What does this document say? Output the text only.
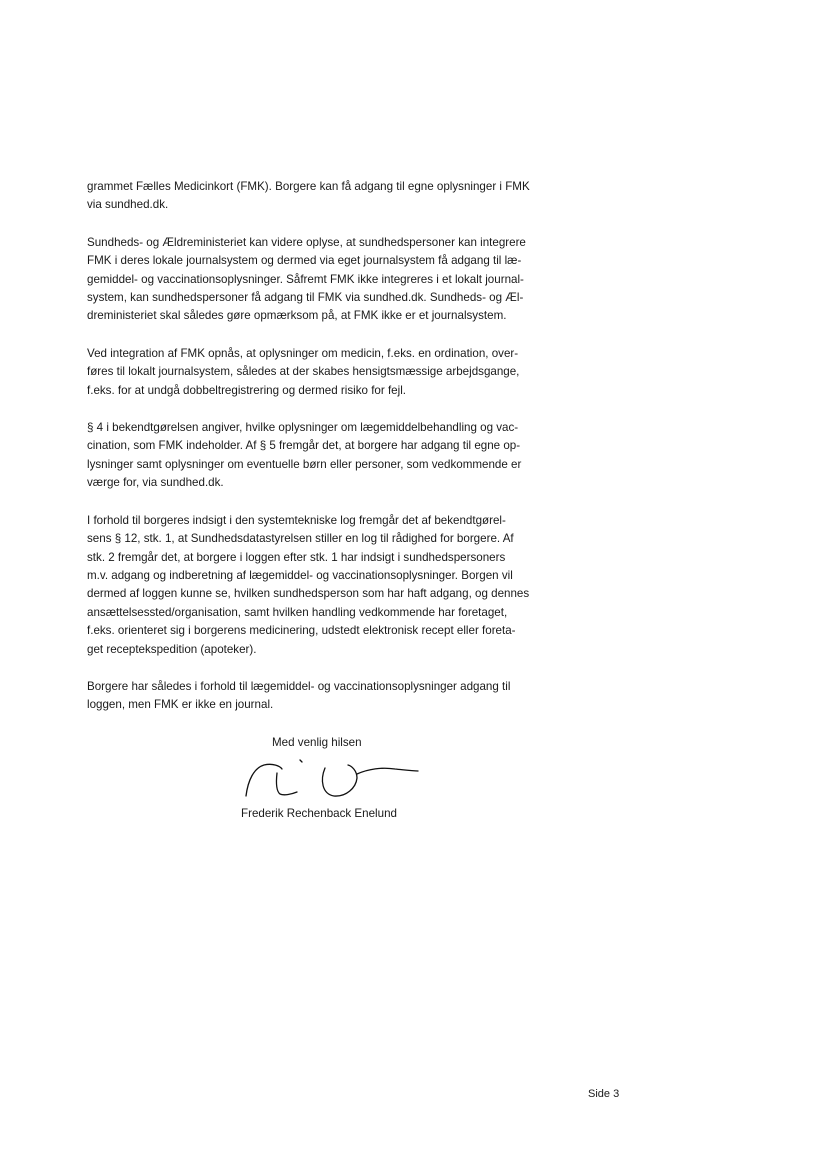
grammet Fælles Medicinkort (FMK). Borgere kan få adgang til egne oplysninger i FMK
via sundhed.dk.
Sundheds- og Ældreministeriet kan videre oplyse, at sundhedspersoner kan integrere
FMK i deres lokale journalsystem og dermed via eget journalsystem få adgang til læ-
gemiddel- og vaccinationsoplysninger. Såfremt FMK ikke integreres i et lokalt journal-
system, kan sundhedspersoner få adgang til FMK via sundhed.dk. Sundheds- og Æl-
dreministeriet skal således gøre opmærksom på, at FMK ikke er et journalsystem.
Ved integration af FMK opnås, at oplysninger om medicin, f.eks. en ordination, over-
føres til lokalt journalsystem, således at der skabes hensigtsmæssige arbejdsgange,
f.eks. for at undgå dobbeltregistrering og dermed risiko for fejl.
§ 4 i bekendtgørelsen angiver, hvilke oplysninger om lægemiddelbehandling og vac-
cination, som FMK indeholder. Af § 5 fremgår det, at borgere har adgang til egne op-
lysninger samt oplysninger om eventuelle børn eller personer, som vedkommende er
værge for, via sundhed.dk.
I forhold til borgeres indsigt i den systemtekniske log fremgår det af bekendtgørel-
sens § 12, stk. 1, at Sundhedsdatastyrelsen stiller en log til rådighed for borgere. Af
stk. 2 fremgår det, at borgere i loggen efter stk. 1 har indsigt i sundhedspersoners
m.v. adgang og indberetning af lægemiddel- og vaccinationsoplysninger. Borgen vil
dermed af loggen kunne se, hvilken sundhedsperson som har haft adgang, og dennes
ansættelsessted/organisation, samt hvilken handling vedkommende har foretaget,
f.eks. orienteret sig i borgerens medicinering, udstedt elektronisk recept eller foreta-
get receptekspedition (apoteker).
Borgere har således i forhold til lægemiddel- og vaccinationsoplysninger adgang til
loggen, men FMK er ikke en journal.
Med venlig hilsen
Frederik Rechenback Enelund
Side 3
